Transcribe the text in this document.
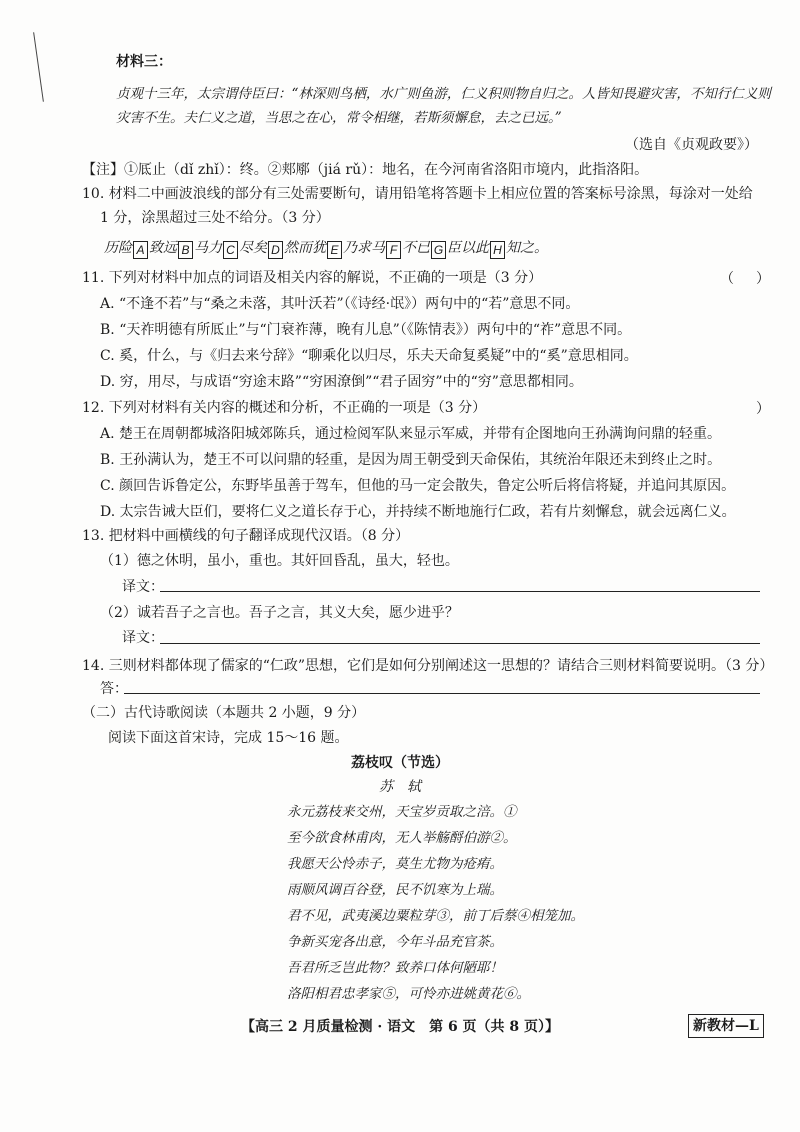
材料三：
贞观十三年，太宗谓侍臣曰：“林深则鸟栖，水广则鱼游，仁义积则物自归之。人皆知畏避灾害，不知行仁义则
灾害不生。夫仁义之道，当思之在心，常令相继，若斯须懈怠，去之已远。”
（选自《贞观政要》）
【注】①厎止（dǐ zhǐ）：终。②郏鄏（jiá rǔ）：地名，在今河南省洛阳市境内，此指洛阳。
10. 材料二中画波浪线的部分有三处需要断句，请用铅笔将答题卡上相应位置的答案标号涂黑，每涂对一处给
1 分，涂黑超过三处不给分。（3 分）
历险 A 致远 B 马力 C 尽矣 D 然而犹 E 乃求马 F 不已 G 臣以此 H 知之。
11. 下列对材料中加点的词语及相关内容的解说，不正确的一项是（3 分）	（ ）
A. “不逢不若”与“桑之未落，其叶沃若”（《诗经·氓》）两句中的“若”意思不同。
B. “天祚明德有所厎止”与“门衰祚薄，晚有儿息”（《陈情表》）两句中的“祚”意思不同。
C. 奚，什么，与《归去来兮辞》“聊乘化以归尽，乐夫天命复奚疑”中的“奚”意思相同。
D. 穷，用尽，与成语“穷途末路”“穷困潦倒”“君子固穷”中的“穷”意思都相同。
12. 下列对材料有关内容的概述和分析，不正确的一项是（3 分）	）
A. 楚王在周朝都城洛阳城郊陈兵，通过检阅军队来显示军威，并带有企图地向王孙满询问鼎的轻重。
B. 王孙满认为，楚王不可以问鼎的轻重，是因为周王朝受到天命保佑，其统治年限还未到终止之时。
C. 颜回告诉鲁定公，东野毕虽善于驾车，但他的马一定会散失，鲁定公听后将信将疑，并追问其原因。
D. 太宗告诫大臣们，要将仁义之道长存于心，并持续不断地施行仁政，若有片刻懈怠，就会远离仁义。
13. 把材料中画横线的句子翻译成现代汉语。（8 分）
（1）德之休明，虽小，重也。其奸回昏乱，虽大，轻也。
译文：
（2）诚若吾子之言也。吾子之言，其义大矣，愿少进乎？
译文：
14. 三则材料都体现了儒家的“仁政”思想，它们是如何分别阐述这一思想的？请结合三则材料简要说明。（3 分）
答：
（二）古代诗歌阅读（本题共 2 小题，9 分）
阅读下面这首宋诗，完成 15～16 题。
荔枝叹（节选）
苏　轼
永元荔枝来交州，天宝岁贡取之涪。①
至今欲食林甫肉，无人举觞酹伯游②。
我愿天公怜赤子，莫生尤物为疮痏。
雨顺风调百谷登，民不饥寒为上瑞。
君不见，武夷溪边粟粒芽③，前丁后蔡④相笼加。
争新买宠各出意，今年斗品充官茶。
吾君所乏岂此物？致养口体何陋耶！
洛阳相君忠孝家⑤，可怜亦进姚黄花⑥。
【高三 2 月质量检测 · 语文　第 6 页（共 8 页）】	新教材—L
